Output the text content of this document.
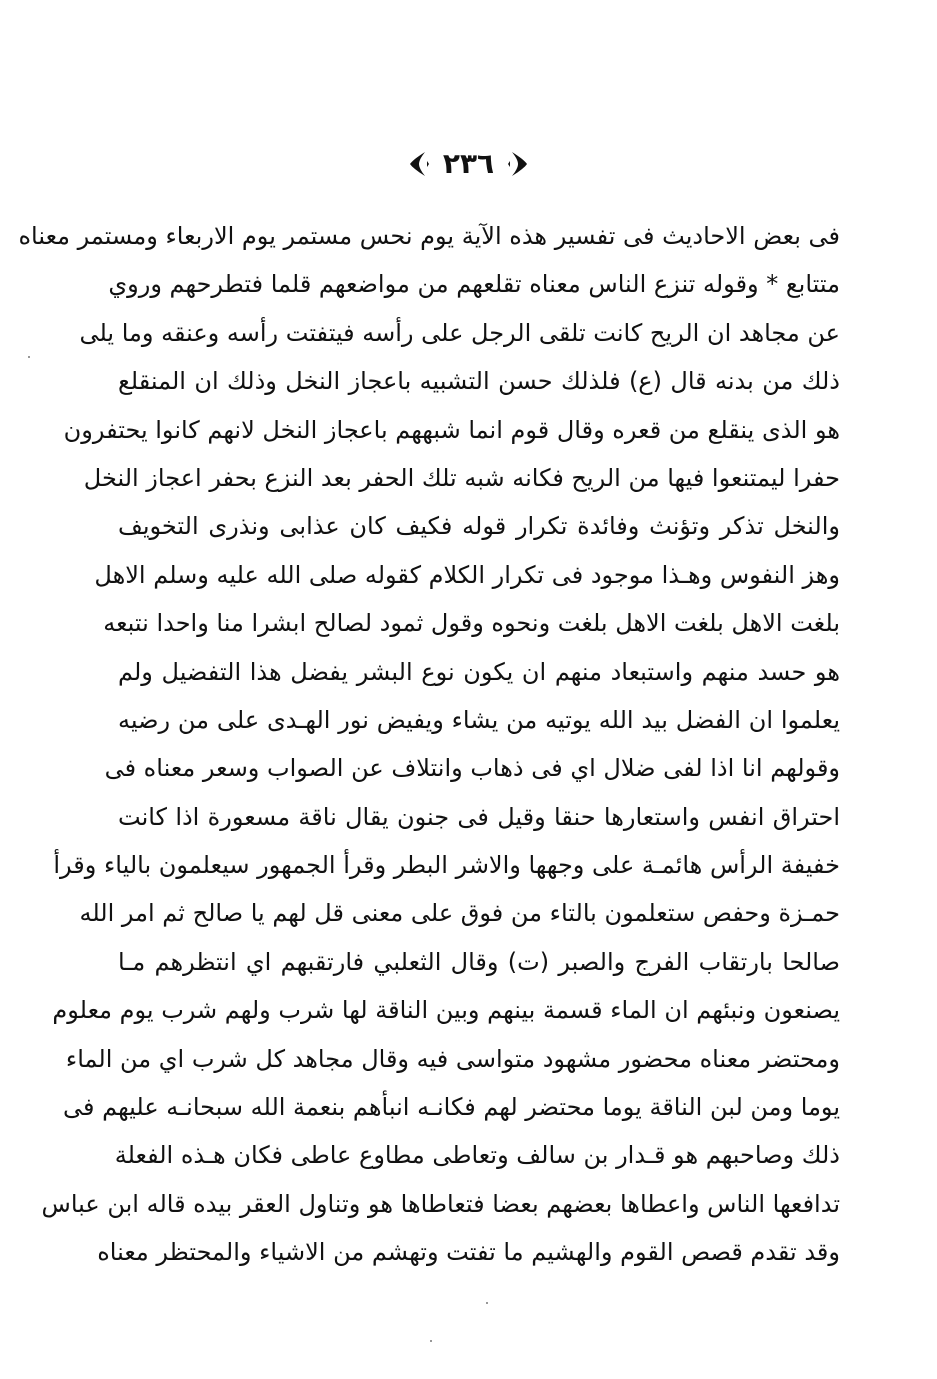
٢٣٦
فى بعض الاحاديث فى تفسير هذه الآية يوم نحس مستمر يوم الاربعاء ومستمر معناه
متتابع * وقوله تنزع الناس معناه تقلعهم من مواضعهم قلما فتطرحهم وروي
عن مجاهد ان الريح كانت تلقى الرجل على رأسه فيتفتت رأسه وعنقه وما يلى
ذلك من بدنه قال (ع) فلذلك حسن التشبيه باعجاز النخل وذلك ان المنقلع
هو الذى ينقلع من قعره وقال قوم انما شبههم باعجاز النخل لانهم كانوا يحتفرون
حفرا ليمتنعوا فيها من الريح فكانه شبه تلك الحفر بعد النزع بحفر اعجاز النخل
والنخل تذكر وتؤنث وفائدة تكرار قوله فكيف كان عذابى ونذرى التخويف
وهز النفوس وهـذا موجود فى تكرار الكلام كقوله صلى الله عليه وسلم الاهل
بلغت الاهل بلغت الاهل بلغت ونحوه وقول ثمود لصالح ابشرا منا واحدا نتبعه
هو حسد منهم واستبعاد منهم ان يكون نوع البشر يفضل هذا التفضيل ولم
يعلموا ان الفضل بيد الله يوتيه من يشاء ويفيض نور الهـدى على من رضيه
وقولهم انا اذا لفى ضلال اي فى ذهاب وانتلاف عن الصواب وسعر معناه فى
احتراق انفس واستعارها حنقا وقيل فى جنون يقال ناقة مسعورة اذا كانت
خفيفة الرأس هائمـة على وجهها والاشر البطر وقرأ الجمهور سيعلمون بالياء وقرأ
حمـزة وحفص ستعلمون بالتاء من فوق على معنى قل لهم يا صالح ثم امر الله
صالحا بارتقاب الفرج والصبر (ت) وقال الثعلبي فارتقبهم اي انتظرهم مـا
يصنعون ونبئهم ان الماء قسمة بينهم وبين الناقة لها شرب ولهم شرب يوم معلوم
ومحتضر معناه محضور مشهود متواسى فيه وقال مجاهد كل شرب اي من الماء
يوما ومن لبن الناقة يوما محتضر لهم فكانـه انبأهم بنعمة الله سبحانـه عليهم فى
ذلك وصاحبهم هو قـدار بن سالف وتعاطى مطاوع عاطى فكان هـذه الفعلة
تدافعها الناس واعطاها بعضهم بعضا فتعاطاها هو وتناول العقر بيده قاله ابن عباس
وقد تقدم قصص القوم والهشيم ما تفتت وتهشم من الاشياء والمحتظر معناه
